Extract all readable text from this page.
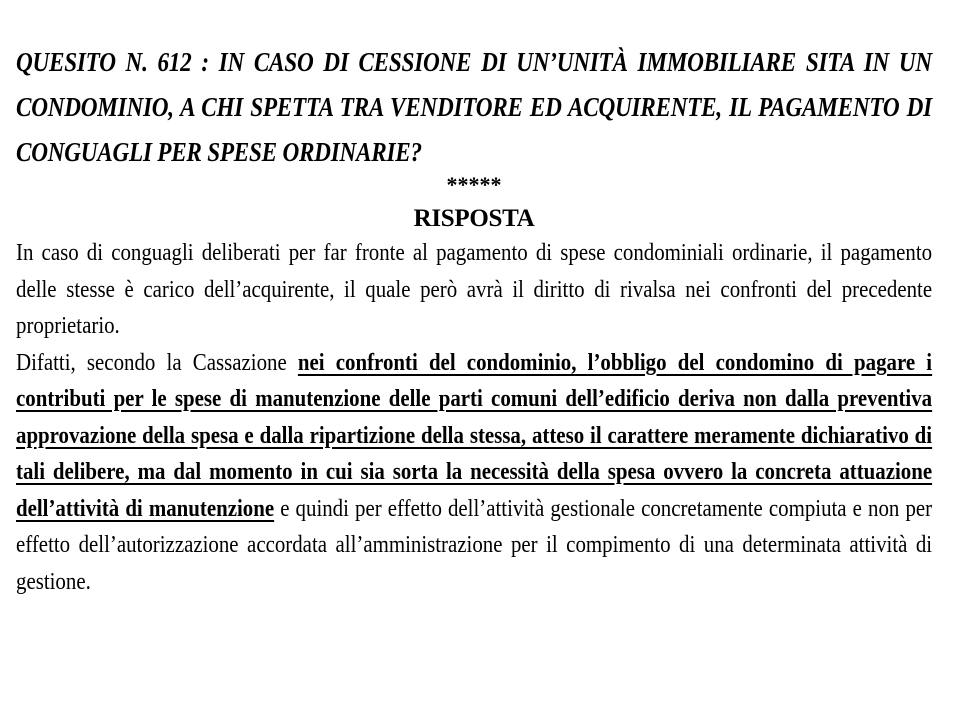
QUESITO N. 612 : IN CASO DI CESSIONE DI UN’UNITÀ IMMOBILIARE SITA IN UN CONDOMINIO, A CHI SPETTA TRA VENDITORE ED ACQUIRENTE, IL PAGAMENTO DI CONGUAGLI PER SPESE ORDINARIE?

*****
RISPOSTA

In caso di conguagli deliberati per far fronte al pagamento di spese condominiali ordinarie, il pagamento delle stesse è carico dell’acquirente, il quale però avrà il diritto di rivalsa nei confronti del precedente proprietario.

Difatti, secondo la Cassazione nei confronti del condominio, l’obbligo del condomino di pagare i contributi per le spese di manutenzione delle parti comuni dell’edificio deriva non dalla preventiva approvazione della spesa e dalla ripartizione della stessa, atteso il carattere meramente dichiarativo di tali delibere, ma dal momento in cui sia sorta la necessità della spesa ovvero la concreta attuazione dell’attività di manutenzione e quindi per effetto dell’attività gestionale concretamente compiuta e non per effetto dell’autorizzazione accordata all’amministrazione per il compimento di una determinata attività di gestione.
